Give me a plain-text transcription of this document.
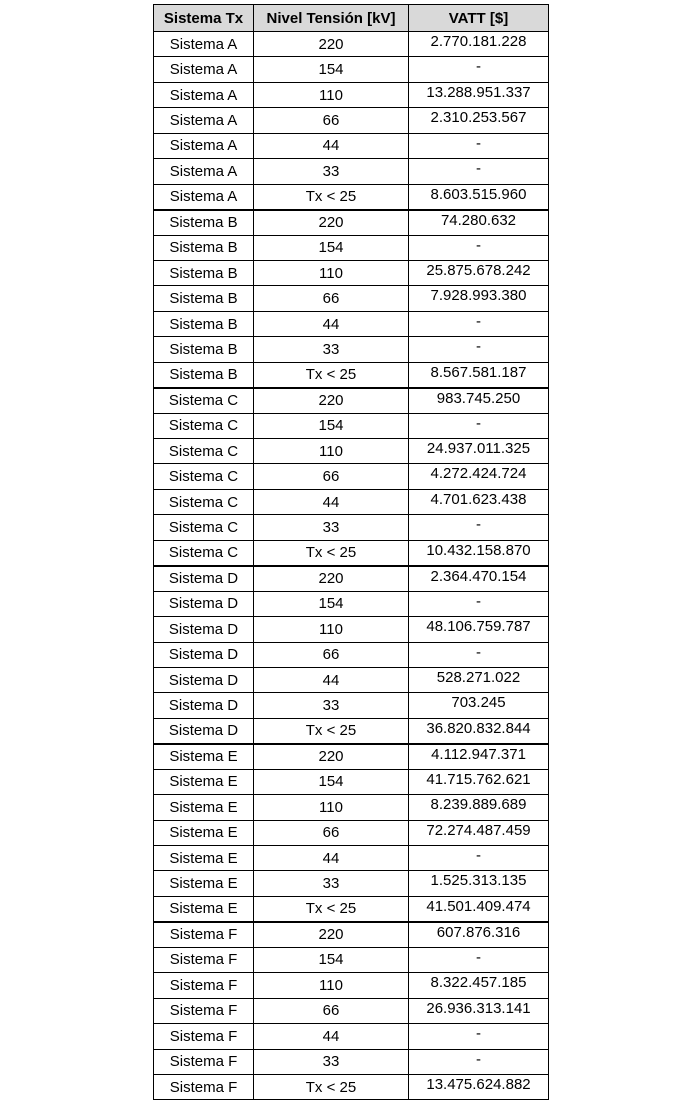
Sistema Tx	Nivel Tensión [kV]	VATT [$]
Sistema A	220	2.770.181.228
Sistema A	154	-
Sistema A	110	13.288.951.337
Sistema A	66	2.310.253.567
Sistema A	44	-
Sistema A	33	-
Sistema A	Tx < 25	8.603.515.960
Sistema B	220	74.280.632
Sistema B	154	-
Sistema B	110	25.875.678.242
Sistema B	66	7.928.993.380
Sistema B	44	-
Sistema B	33	-
Sistema B	Tx < 25	8.567.581.187
Sistema C	220	983.745.250
Sistema C	154	-
Sistema C	110	24.937.011.325
Sistema C	66	4.272.424.724
Sistema C	44	4.701.623.438
Sistema C	33	-
Sistema C	Tx < 25	10.432.158.870
Sistema D	220	2.364.470.154
Sistema D	154	-
Sistema D	110	48.106.759.787
Sistema D	66	-
Sistema D	44	528.271.022
Sistema D	33	703.245
Sistema D	Tx < 25	36.820.832.844
Sistema E	220	4.112.947.371
Sistema E	154	41.715.762.621
Sistema E	110	8.239.889.689
Sistema E	66	72.274.487.459
Sistema E	44	-
Sistema E	33	1.525.313.135
Sistema E	Tx < 25	41.501.409.474
Sistema F	220	607.876.316
Sistema F	154	-
Sistema F	110	8.322.457.185
Sistema F	66	26.936.313.141
Sistema F	44	-
Sistema F	33	-
Sistema F	Tx < 25	13.475.624.882
